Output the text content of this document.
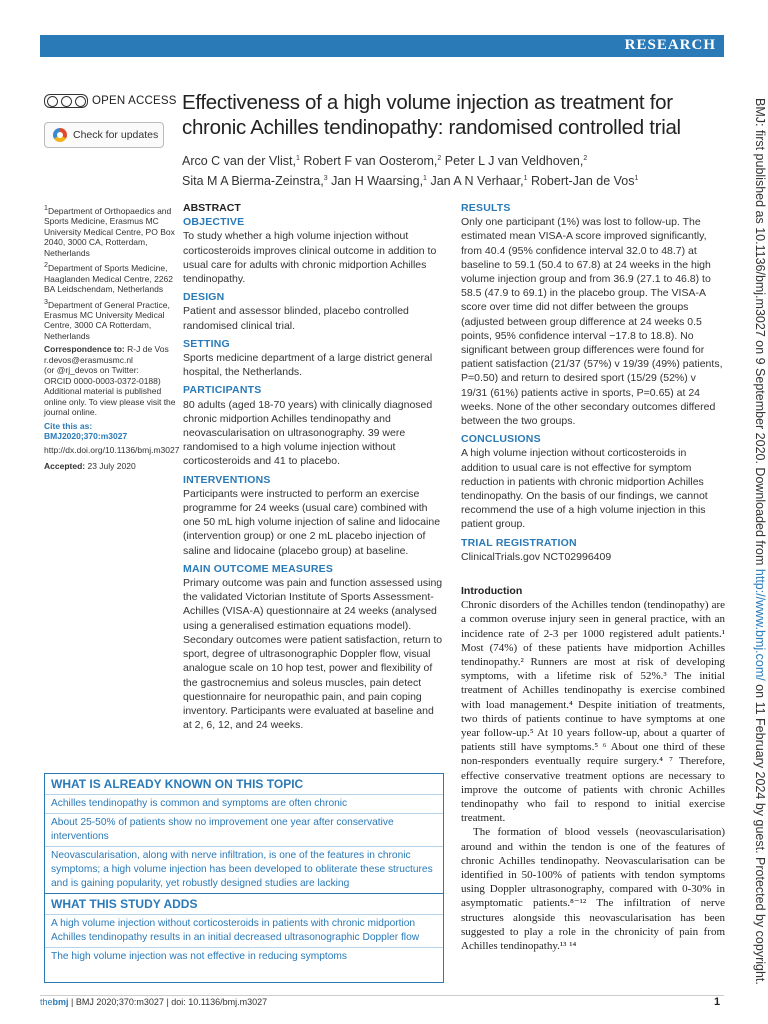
RESEARCH
OPEN ACCESS
Check for updates
Effectiveness of a high volume injection as treatment for chronic Achilles tendinopathy: randomised controlled trial
Arco C van der Vlist,$^1$ Robert F van Oosterom,$^2$ Peter L J van Veldhoven,$^2$
Sita M A Bierma-Zeinstra,$^3$ Jan H Waarsing,$^1$ Jan A N Verhaar,$^1$ Robert-Jan de Vos$^1$

$^1$Department of Orthopaedics and Sports Medicine, Erasmus MC University Medical Centre, PO Box 2040, 3000 CA, Rotterdam, Netherlands

$^2$Department of Sports Medicine, Haaglanden Medical Centre, 2262 BA Leidschendam, Netherlands

$^3$Department of General Practice, Erasmus MC University Medical Centre, 3000 CA Rotterdam, Netherlands

Correspondence to: R-J de Vos

r.devos@erasmusmc.nl

(or @rj_devos on Twitter:

ORCID 0000-0003-0372-0188)

Additional material is published online only. To view please visit the journal online.

Cite this as: BMJ2020;370:m3027

http://dx.doi.org/10.1136/bmj.m3027

Accepted: 23 July 2020

ABSTRACT
OBJECTIVE

To study whether a high volume injection without corticosteroids improves clinical outcome in addition to usual care for adults with chronic midportion Achilles tendinopathy.

DESIGN

Patient and assessor blinded, placebo controlled randomised clinical trial.

SETTING

Sports medicine department of a large district general hospital, the Netherlands.

PARTICIPANTS

80 adults (aged 18-70 years) with clinically diagnosed chronic midportion Achilles tendinopathy and neovascularisation on ultrasonography. 39 were randomised to a high volume injection without corticosteroids and 41 to placebo.

INTERVENTIONS

Participants were instructed to perform an exercise programme for 24 weeks (usual care) combined with one 50 mL high volume injection of saline and lidocaine (intervention group) or one 2 mL placebo injection of saline and lidocaine (placebo group) at baseline.

MAIN OUTCOME MEASURES

Primary outcome was pain and function assessed using the validated Victorian Institute of Sports Assessment-Achilles (VISA-A) questionnaire at 24 weeks (analysed using a generalised estimation equations model). Secondary outcomes were patient satisfaction, return to sport, degree of ultrasonographic Doppler flow, visual analogue scale on 10 hop test, power and flexibility of the gastrocnemius and soleus muscles, pain detect questionnaire for neuropathic pain, and pain coping inventory. Participants were evaluated at baseline and at 2, 6, 12, and 24 weeks.

RESULTS

Only one participant (1%) was lost to follow-up. The estimated mean VISA-A score improved significantly, from 40.4 (95% confidence interval 32.0 to 48.7) at baseline to 59.1 (50.4 to 67.8) at 24 weeks in the high volume injection group and from 36.9 (27.1 to 46.8) to 58.5 (47.9 to 69.1) in the placebo group. The VISA-A score over time did not differ between the groups (adjusted between group difference at 24 weeks 0.5 points, 95% confidence interval −17.8 to 18.8). No significant between group differences were found for patient satisfaction (21/37 (57%) v 19/39 (49%) patients, P=0.50) and return to desired sport (15/29 (52%) v 19/31 (61%) patients active in sports, P=0.65) at 24 weeks. None of the other secondary outcomes differed between the two groups.

CONCLUSIONS

A high volume injection without corticosteroids in addition to usual care is not effective for symptom reduction in patients with chronic midportion Achilles tendinopathy. On the basis of our findings, we cannot recommend the use of a high volume injection in this patient group.

TRIAL REGISTRATION

ClinicalTrials.gov NCT02996409

Introduction

Chronic disorders of the Achilles tendon (tendinopathy) are a common overuse injury seen in general practice, with an incidence rate of 2-3 per 1000 registered adult patients.¹ Most (74%) of these patients have midportion Achilles tendinopathy.² Runners are most at risk of developing symptoms, with a lifetime risk of 52%.³ The initial treatment of Achilles tendinopathy is exercise combined with load management.⁴ Despite initiation of treatments, two thirds of patients continue to have symptoms at one year follow-up.⁵ At 10 years follow-up, about a quarter of patients still have symptoms.⁵ ⁶ About one third of these non-responders eventually require surgery.⁴ ⁷ Therefore, effective conservative treatment options are necessary to improve the outcome of patients with chronic Achilles tendinopathy who fail to respond to initial exercise treatment.

The formation of blood vessels (neovascularisation) around and within the tendon is one of the features of chronic Achilles tendinopathy. Neovascularisation can be identified in 50-100% of patients with tendon symptoms using Doppler ultrasonography, compared with 0-30% in asymptomatic patients.⁸⁻¹² The infiltration of nerve structures alongside this neovascularisation has been suggested to play a role in the chronicity of pain from Achilles tendinopathy.¹³ ¹⁴

WHAT IS ALREADY KNOWN ON THIS TOPIC
Achilles tendinopathy is common and symptoms are often chronic
About 25-50% of patients show no improvement one year after conservative interventions
Neovascularisation, along with nerve infiltration, is one of the features in chronic symptoms; a high volume injection has been developed to obliterate these structures and is gaining popularity, yet robustly designed studies are lacking
WHAT THIS STUDY ADDS
A high volume injection without corticosteroids in patients with chronic midportion Achilles tendinopathy results in an initial decreased ultrasonographic Doppler flow
The high volume injection was not effective in reducing symptoms
BMJ: first published as 10.1136/bmj.m3027 on 9 September 2020. Downloaded from http://www.bmj.com/ on 11 February 2024 by guest. Protected by copyright.
thebmj | BMJ 2020;370:m3027 | doi: 10.1136/bmj.m3027	1
